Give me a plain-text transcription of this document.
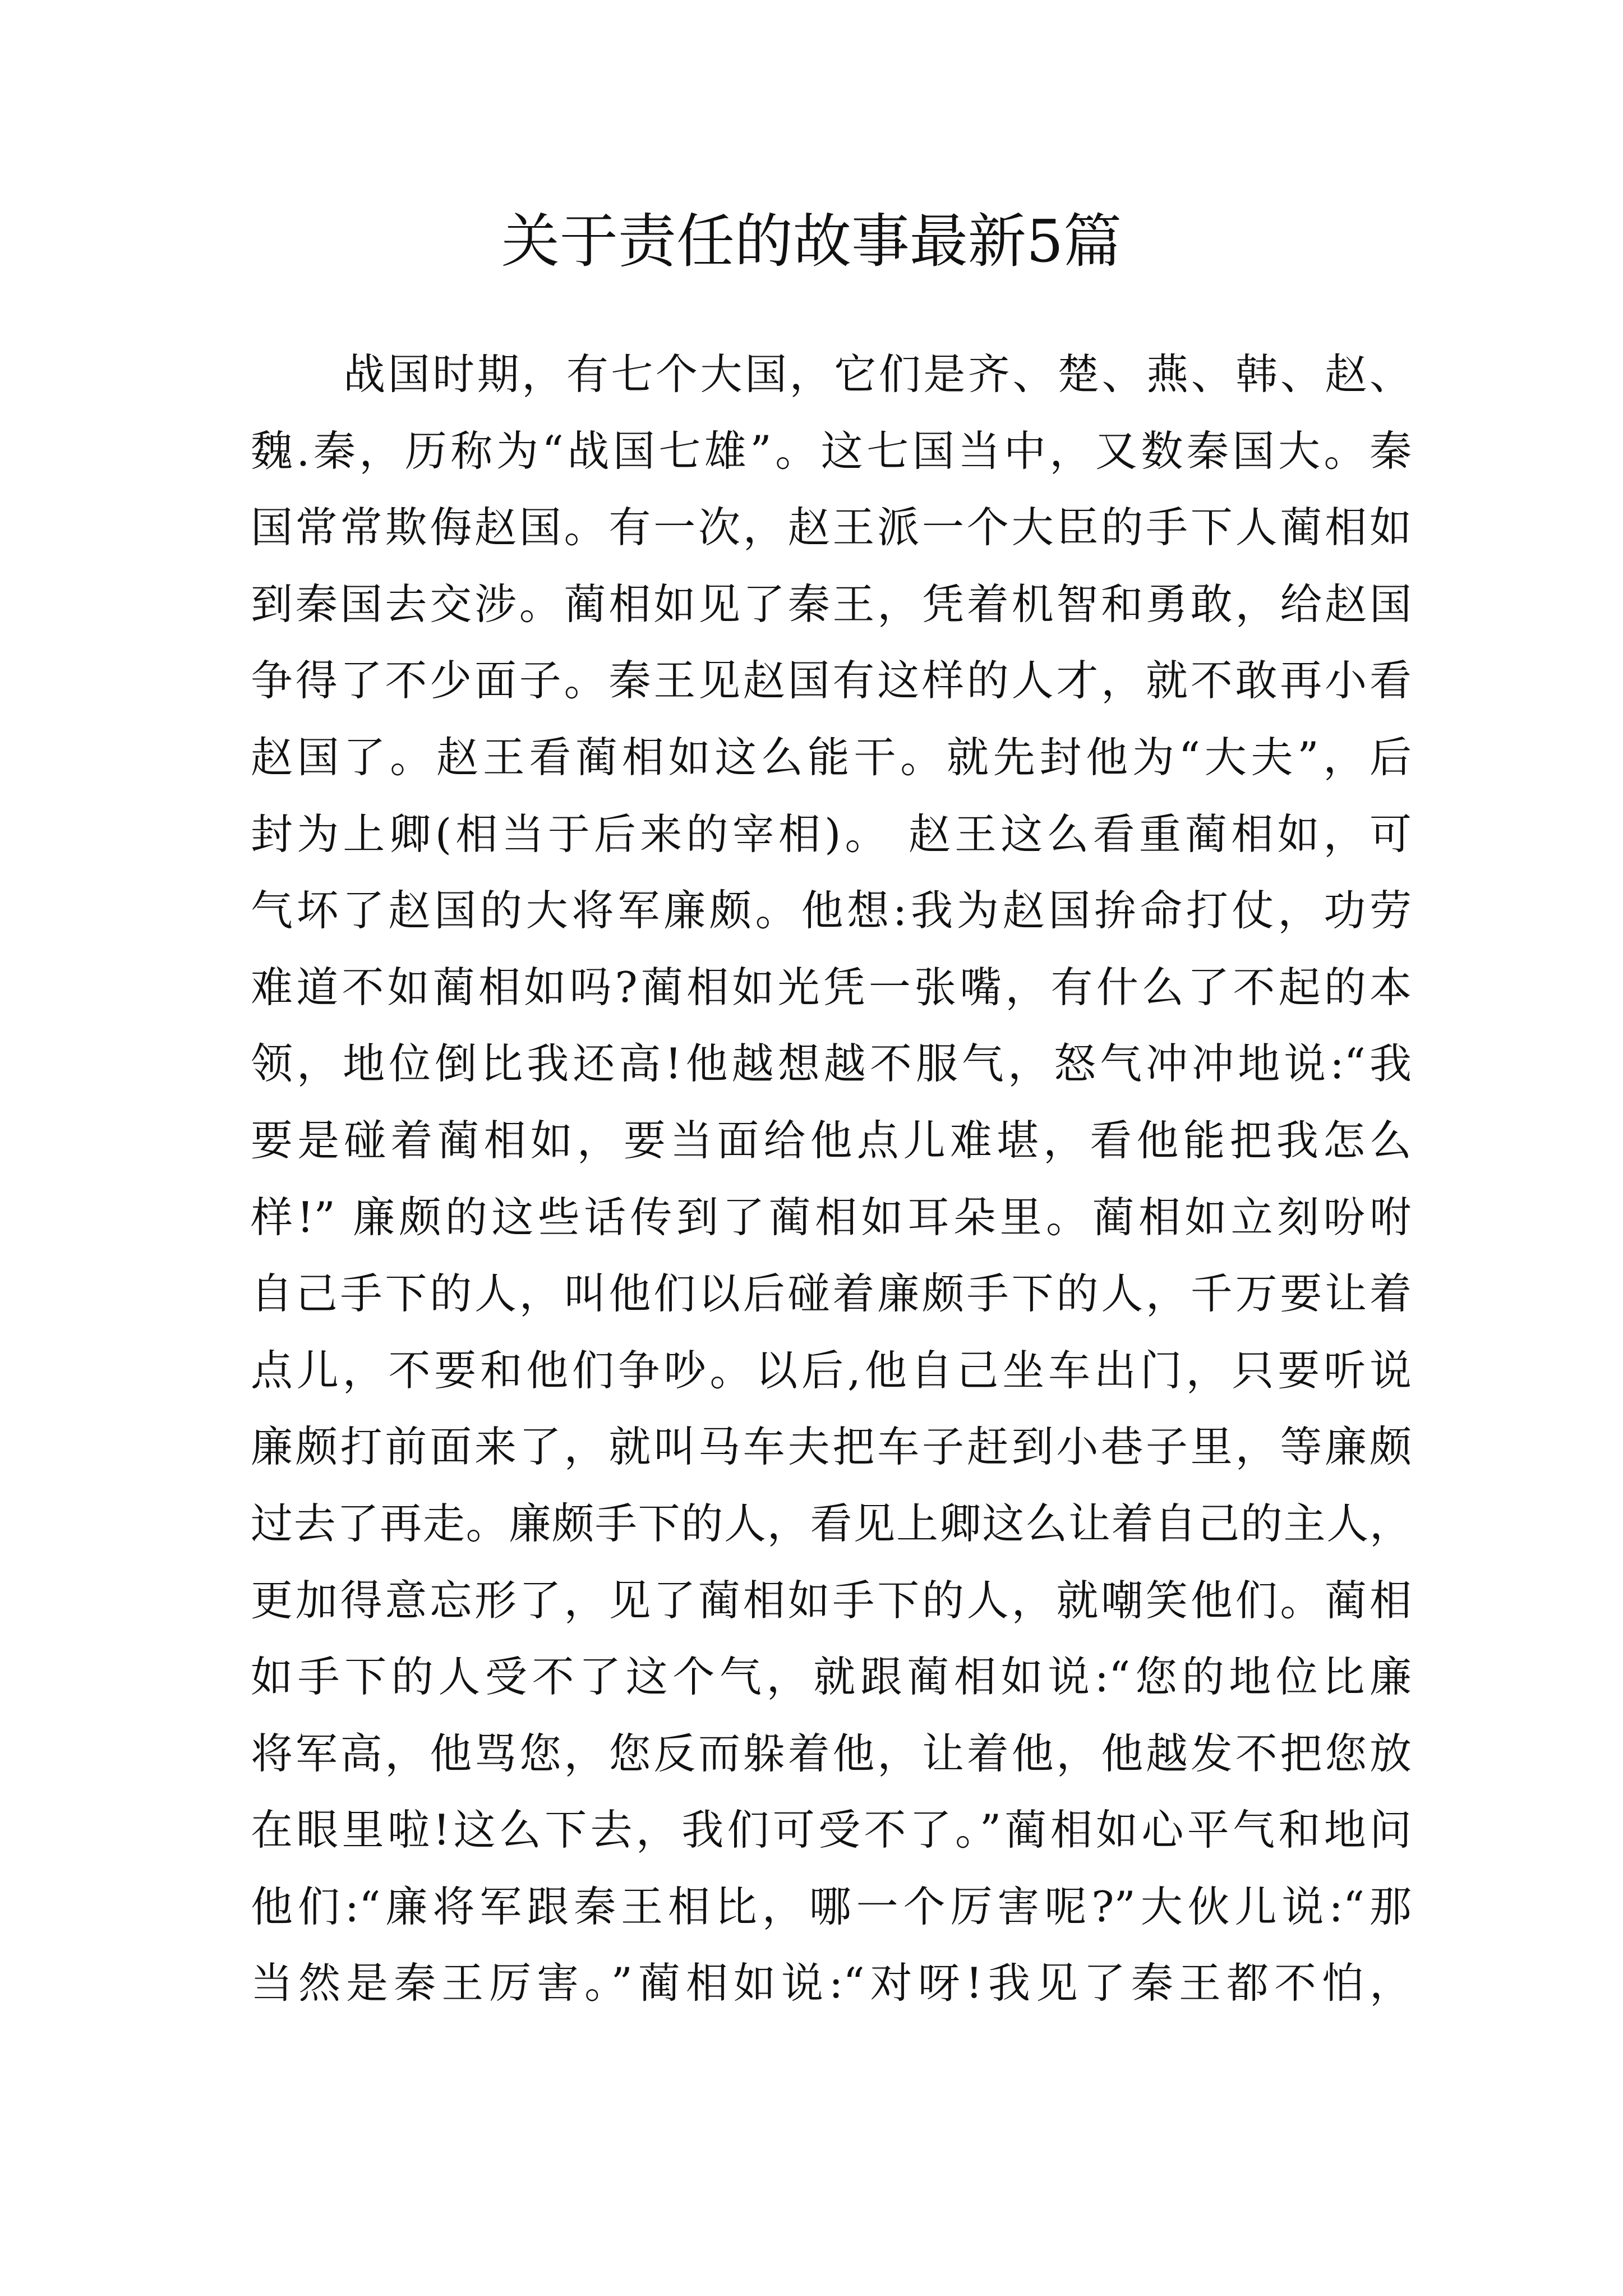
关于责任的故事最新5篇
战国时期，有七个大国，它们是齐、楚、燕、韩、赵、
魏.秦，历称为“战国七雄”。这七国当中，又数秦国大。秦
国常常欺侮赵国。有一次，赵王派一个大臣的手下人蔺相如
到秦国去交涉。蔺相如见了秦王，凭着机智和勇敢，给赵国
争得了不少面子。秦王见赵国有这样的人才，就不敢再小看
赵国了。赵王看蔺相如这么能干。就先封他为“大夫”，后
封为上卿(相当于后来的宰相)。 赵王这么看重蔺相如，可
气坏了赵国的大将军廉颇。他想:我为赵国拚命打仗，功劳
难道不如蔺相如吗?蔺相如光凭一张嘴，有什么了不起的本
领，地位倒比我还高!他越想越不服气，怒气冲冲地说:“我
要是碰着蔺相如，要当面给他点儿难堪，看他能把我怎么
样!” 廉颇的这些话传到了蔺相如耳朵里。蔺相如立刻吩咐
自己手下的人，叫他们以后碰着廉颇手下的人，千万要让着
点儿，不要和他们争吵。以后,他自己坐车出门，只要听说
廉颇打前面来了，就叫马车夫把车子赶到小巷子里，等廉颇
过去了再走。廉颇手下的人，看见上卿这么让着自己的主人，
更加得意忘形了，见了蔺相如手下的人，就嘲笑他们。蔺相
如手下的人受不了这个气，就跟蔺相如说:“您的地位比廉
将军高，他骂您，您反而躲着他，让着他，他越发不把您放
在眼里啦!这么下去，我们可受不了。”蔺相如心平气和地问
他们:“廉将军跟秦王相比，哪一个厉害呢?”大伙儿说:“那
当然是秦王厉害。”蔺相如说:“对呀!我见了秦王都不怕，
